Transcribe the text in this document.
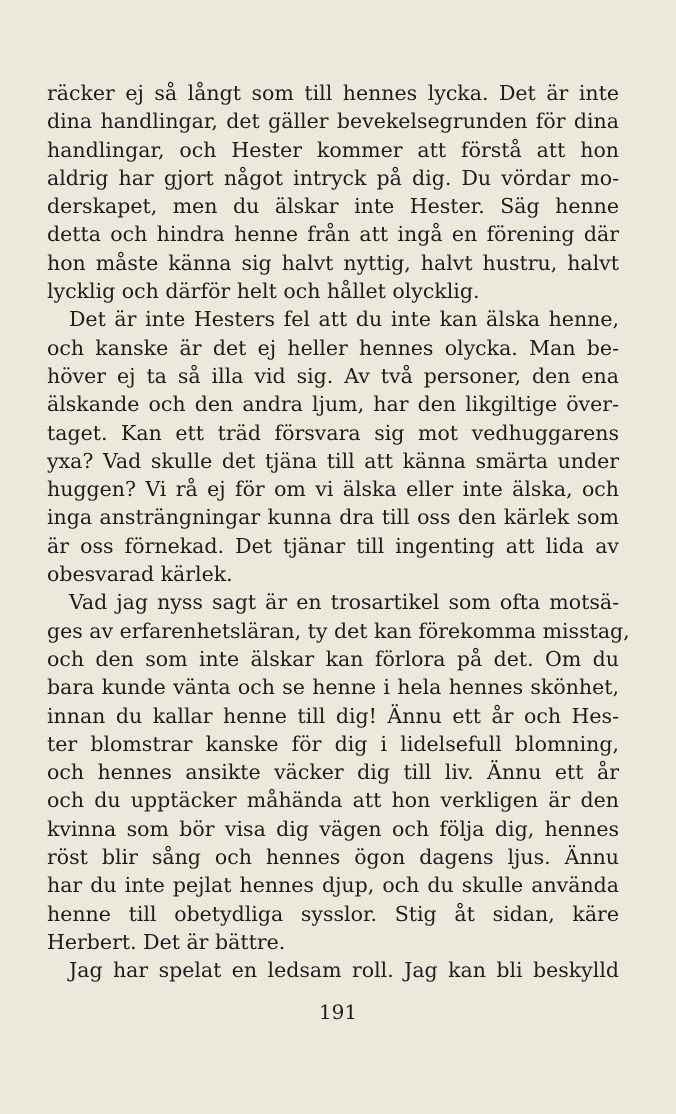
räcker ej så långt som till hennes lycka. Det är inte
dina handlingar, det gäller bevekelsegrunden för dina
handlingar, och Hester kommer att förstå att hon
aldrig har gjort något intryck på dig. Du vördar mo-
derskapet, men du älskar inte Hester. Säg henne
detta och hindra henne från att ingå en förening där
hon måste känna sig halvt nyttig, halvt hustru, halvt
lycklig och därför helt och hållet olycklig.
Det är inte Hesters fel att du inte kan älska henne,
och kanske är det ej heller hennes olycka. Man be-
höver ej ta så illa vid sig. Av två personer, den ena
älskande och den andra ljum, har den likgiltige över-
taget. Kan ett träd försvara sig mot vedhuggarens
yxa? Vad skulle det tjäna till att känna smärta under
huggen? Vi rå ej för om vi älska eller inte älska, och
inga ansträngningar kunna dra till oss den kärlek som
är oss förnekad. Det tjänar till ingenting att lida av
obesvarad kärlek.
Vad jag nyss sagt är en trosartikel som ofta motsä-
ges av erfarenhetsläran, ty det kan förekomma misstag,
och den som inte älskar kan förlora på det. Om du
bara kunde vänta och se henne i hela hennes skönhet,
innan du kallar henne till dig! Ännu ett år och Hes-
ter blomstrar kanske för dig i lidelsefull blomning,
och hennes ansikte väcker dig till liv. Ännu ett år
och du upptäcker måhända att hon verkligen är den
kvinna som bör visa dig vägen och följa dig, hennes
röst blir sång och hennes ögon dagens ljus. Ännu
har du inte pejlat hennes djup, och du skulle använda
henne till obetydliga sysslor. Stig åt sidan, käre
Herbert. Det är bättre.
Jag har spelat en ledsam roll. Jag kan bli beskylld
191
